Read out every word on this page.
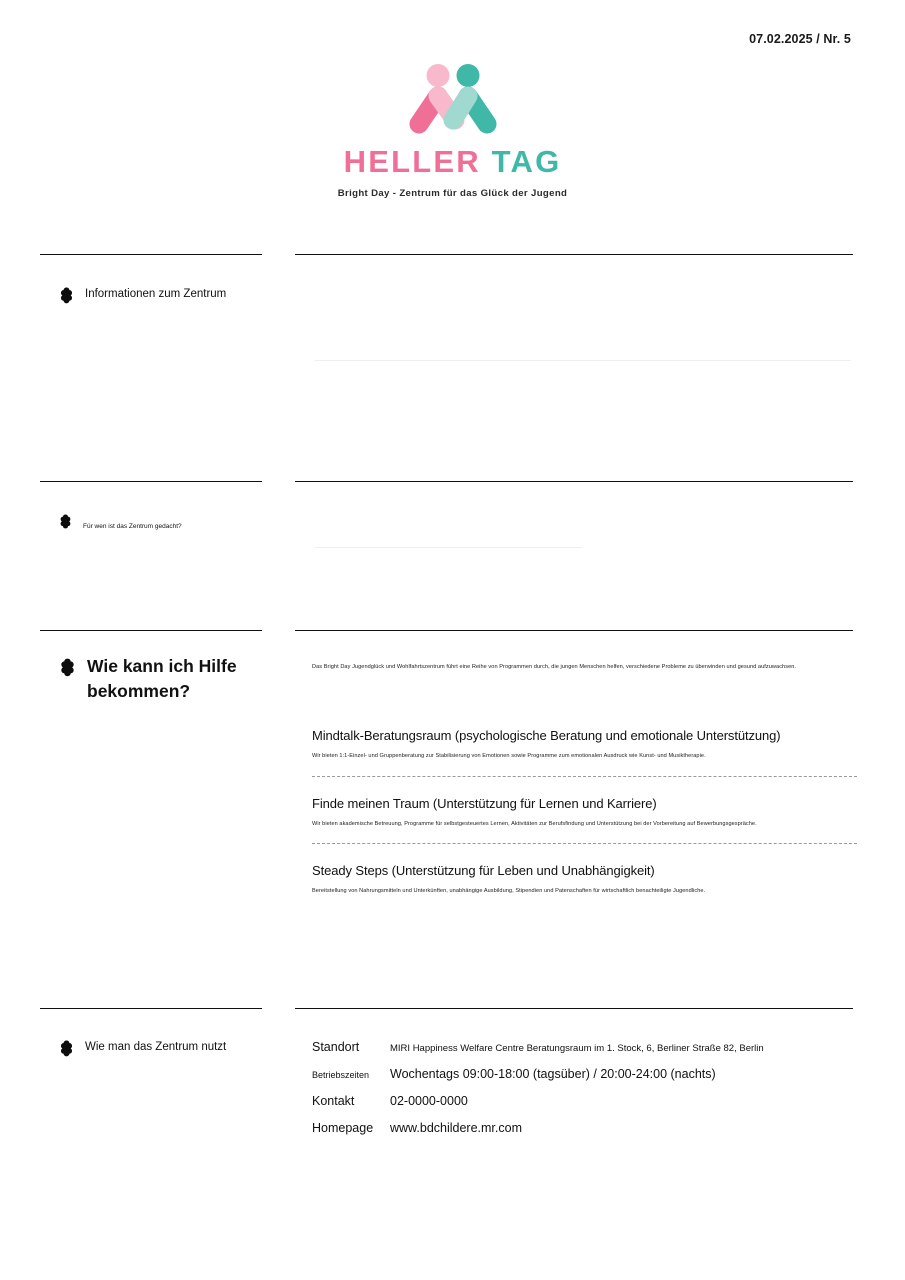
07.02.2025 / Nr. 5
HELLER TAG
Bright Day - Zentrum für das Glück der Jugend
Informationen zum Zentrum
Für wen ist das Zentrum gedacht?
Wie kann ich Hilfe bekommen?
Das Bright Day Jugendglück und Wohlfahrtszentrum führt eine Reihe von Programmen durch, die jungen Menschen helfen, verschiedene Probleme zu überwinden und gesund aufzuwachsen.
Mindtalk-Beratungsraum (psychologische Beratung und emotionale Unterstützung)
Wir bieten 1:1-Einzel- und Gruppenberatung zur Stabilisierung von Emotionen sowie Programme zum emotionalen Ausdruck wie Kunst- und Musiktherapie.
Finde meinen Traum (Unterstützung für Lernen und Karriere)
Wir bieten akademische Betreuung, Programme für selbstgesteuertes Lernen, Aktivitäten zur Berufsfindung und Unterstützung bei der Vorbereitung auf Bewerbungsgespräche.
Steady Steps (Unterstützung für Leben und Unabhängigkeit)
Bereitstellung von Nahrungsmitteln und Unterkünften, unabhängige Ausbildung, Stipendien und Patenschaften für wirtschaftlich benachteiligte Jugendliche.
Wie man das Zentrum nutzt	Standort	MIRI Happiness Welfare Centre Beratungsraum im 1. Stock, 6, Berliner Straße 82, Berlin
Betriebszeiten	Wochentags 09:00-18:00 (tagsüber) / 20:00-24:00 (nachts)
Kontakt	02-0000-0000
Homepage	www.bdchildere.mr.com
